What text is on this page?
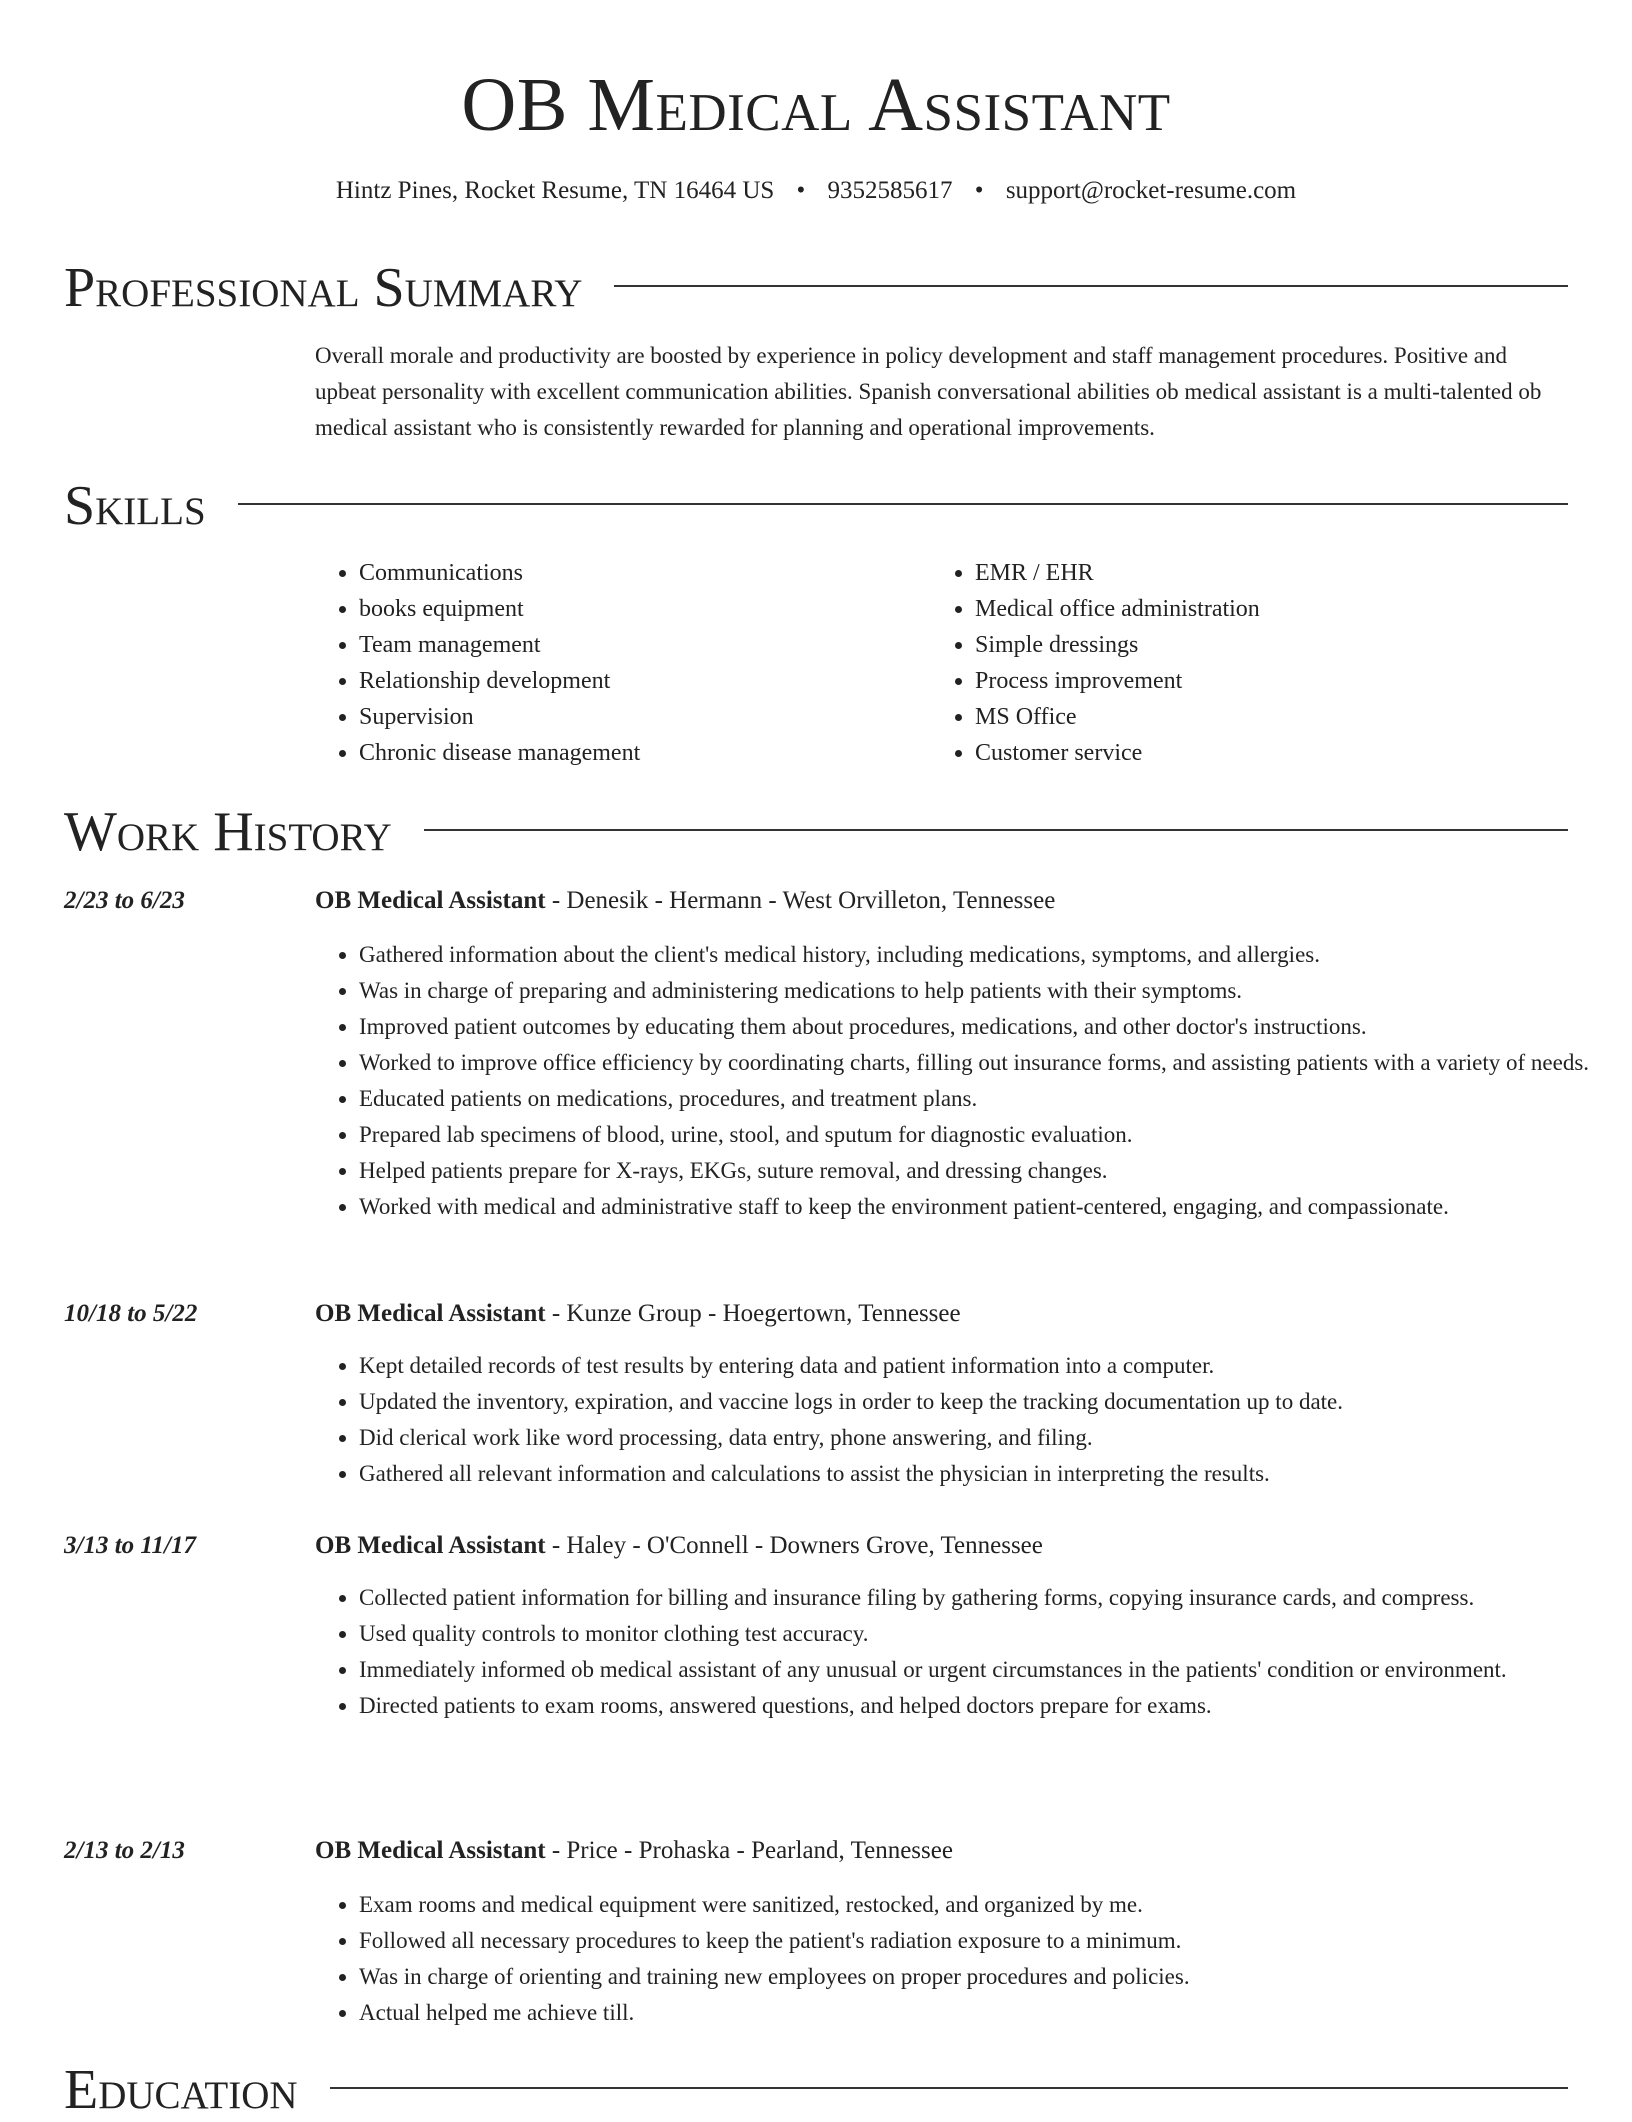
OB Medical Assistant
Hintz Pines, Rocket Resume, TN 16464 US • 9352585617 • support@rocket-resume.com
Professional Summary

Overall morale and productivity are boosted by experience in policy development and staff management procedures. Positive and upbeat personality with excellent communication abilities. Spanish conversational abilities ob medical assistant is a multi-talented ob medical assistant who is consistently rewarded for planning and operational improvements.

Skills
• Communications
• books equipment
• Team management
• Relationship development
• Supervision
• Chronic disease management
• EMR / EHR
• Medical office administration
• Simple dressings
• Process improvement
• MS Office
• Customer service
Work History
2/23 to 6/23	OB Medical Assistant - Denesik - Hermann - West Orvilleton, Tennessee
• Gathered information about the client's medical history, including medications, symptoms, and allergies.
• Was in charge of preparing and administering medications to help patients with their symptoms.
• Improved patient outcomes by educating them about procedures, medications, and other doctor's instructions.
• Worked to improve office efficiency by coordinating charts, filling out insurance forms, and assisting patients with a variety of needs.
• Educated patients on medications, procedures, and treatment plans.
• Prepared lab specimens of blood, urine, stool, and sputum for diagnostic evaluation.
• Helped patients prepare for X-rays, EKGs, suture removal, and dressing changes.
• Worked with medical and administrative staff to keep the environment patient-centered, engaging, and compassionate.
10/18 to 5/22	OB Medical Assistant - Kunze Group - Hoegertown, Tennessee
• Kept detailed records of test results by entering data and patient information into a computer.
• Updated the inventory, expiration, and vaccine logs in order to keep the tracking documentation up to date.
• Did clerical work like word processing, data entry, phone answering, and filing.
• Gathered all relevant information and calculations to assist the physician in interpreting the results.
3/13 to 11/17	OB Medical Assistant - Haley - O'Connell - Downers Grove, Tennessee
• Collected patient information for billing and insurance filing by gathering forms, copying insurance cards, and compress.
• Used quality controls to monitor clothing test accuracy.
• Immediately informed ob medical assistant of any unusual or urgent circumstances in the patients' condition or environment.
• Directed patients to exam rooms, answered questions, and helped doctors prepare for exams.
2/13 to 2/13	OB Medical Assistant - Price - Prohaska - Pearland, Tennessee
• Exam rooms and medical equipment were sanitized, restocked, and organized by me.
• Followed all necessary procedures to keep the patient's radiation exposure to a minimum.
• Was in charge of orienting and training new employees on proper procedures and policies.
• Actual helped me achieve till.
Education
